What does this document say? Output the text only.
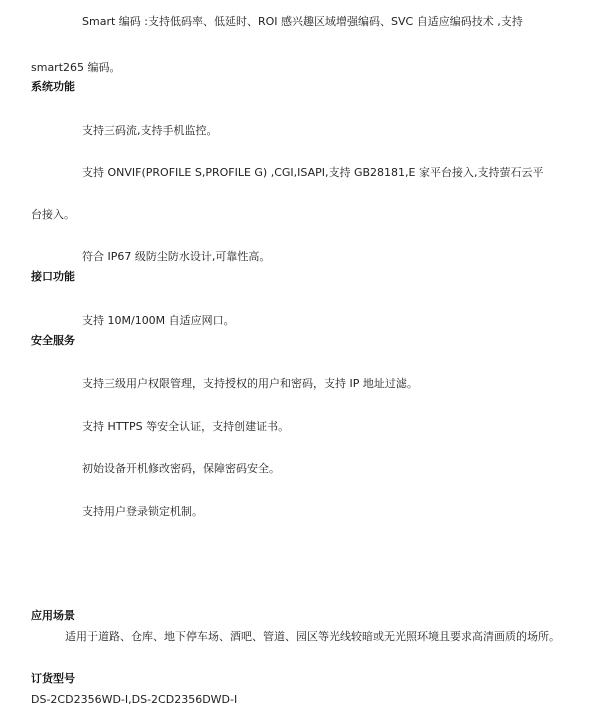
Smart 编码 :支持低码率、低延时、ROI 感兴趣区域增强编码、SVC 自适应编码技术 ,支持
smart265 编码。
系统功能
支持三码流,支持手机监控。
支持 ONVIF(PROFILE S,PROFILE G) ,CGI,ISAPI,支持 GB28181,E 家平台接入,支持萤石云平
台接入。
符合 IP67 级防尘防水设计,可靠性高。
接口功能
支持 10M/100M 自适应网口。
安全服务
支持三级用户权限管理，支持授权的用户和密码，支持 IP 地址过滤。
支持 HTTPS 等安全认证，支持创建证书。
初始设备开机修改密码，保障密码安全。
支持用户登录锁定机制。
应用场景
适用于道路、仓库、地下停车场、酒吧、管道、园区等光线较暗或无光照环境且要求高清画质的场所。
订货型号
DS-2CD2356WD-I,DS-2CD2356DWD-I
